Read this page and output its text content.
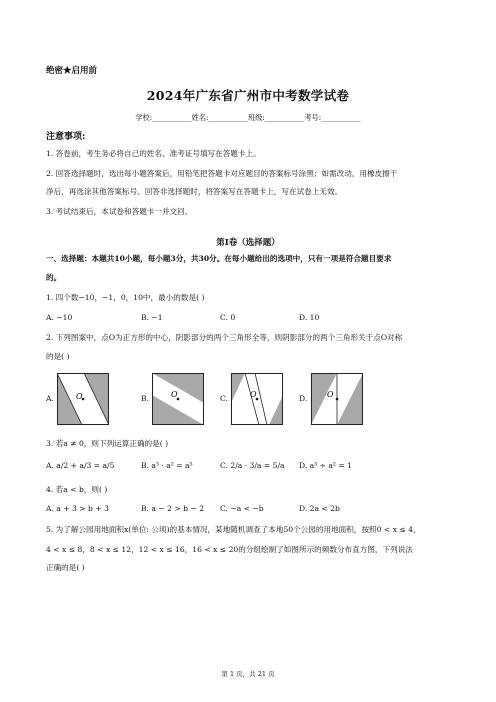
绝密★启用前
2024年广东省广州市中考数学试卷
学校:___________姓名:___________班级:___________考号:___________
注意事项:
1. 答卷前，考生务必将自己的姓名、准考证号填写在答题卡上。
2. 回答选择题时，选出每小题答案后，用铅笔把答题卡对应题目的答案标号涂黑；如需改动，用橡皮擦干
净后，再选涂其他答案标号。回答非选择题时，将答案写在答题卡上，写在试卷上无效。
3. 考试结束后，本试卷和答题卡一并交回。
第I卷（选择题）
一、选择题：本题共10小题，每小题3分，共30分。在每小题给出的选项中，只有一项是符合题目要求
的。
1. 四个数−10，−1，0，10中，最小的数是( )
A. −10	B. −1	C. 0	D. 10
2. 下列图案中，点O为正方形的中心，阴影部分的两个三角形全等，则阴影部分的两个三角形关于点O对称
的是( )
A.	O	B.	O	C.	O	D. O
3. 若a ≠ 0，则下列运算正确的是( )
A. a/2 + a/3 = a/5	B. a³ · a² = a⁵	C. 2/a · 3/a = 5/a D. a³ ÷ a² = 1
4. 若a < b，则( )
A. a + 3 > b + 3	B. a − 2 > b − 2 C. −a < −b	D. 2a < 2b
5. 为了解公园用地面积x(单位: 公顷)的基本情况，某地随机调查了本地50个公园的用地面积，按照0 < x ≤ 4，
4 < x ≤ 8，8 < x ≤ 12，12 < x ≤ 16，16 < x ≤ 20的分组绘制了如图所示的频数分布直方图，下列说法
正确的是( )
第 1 页，共 21 页
